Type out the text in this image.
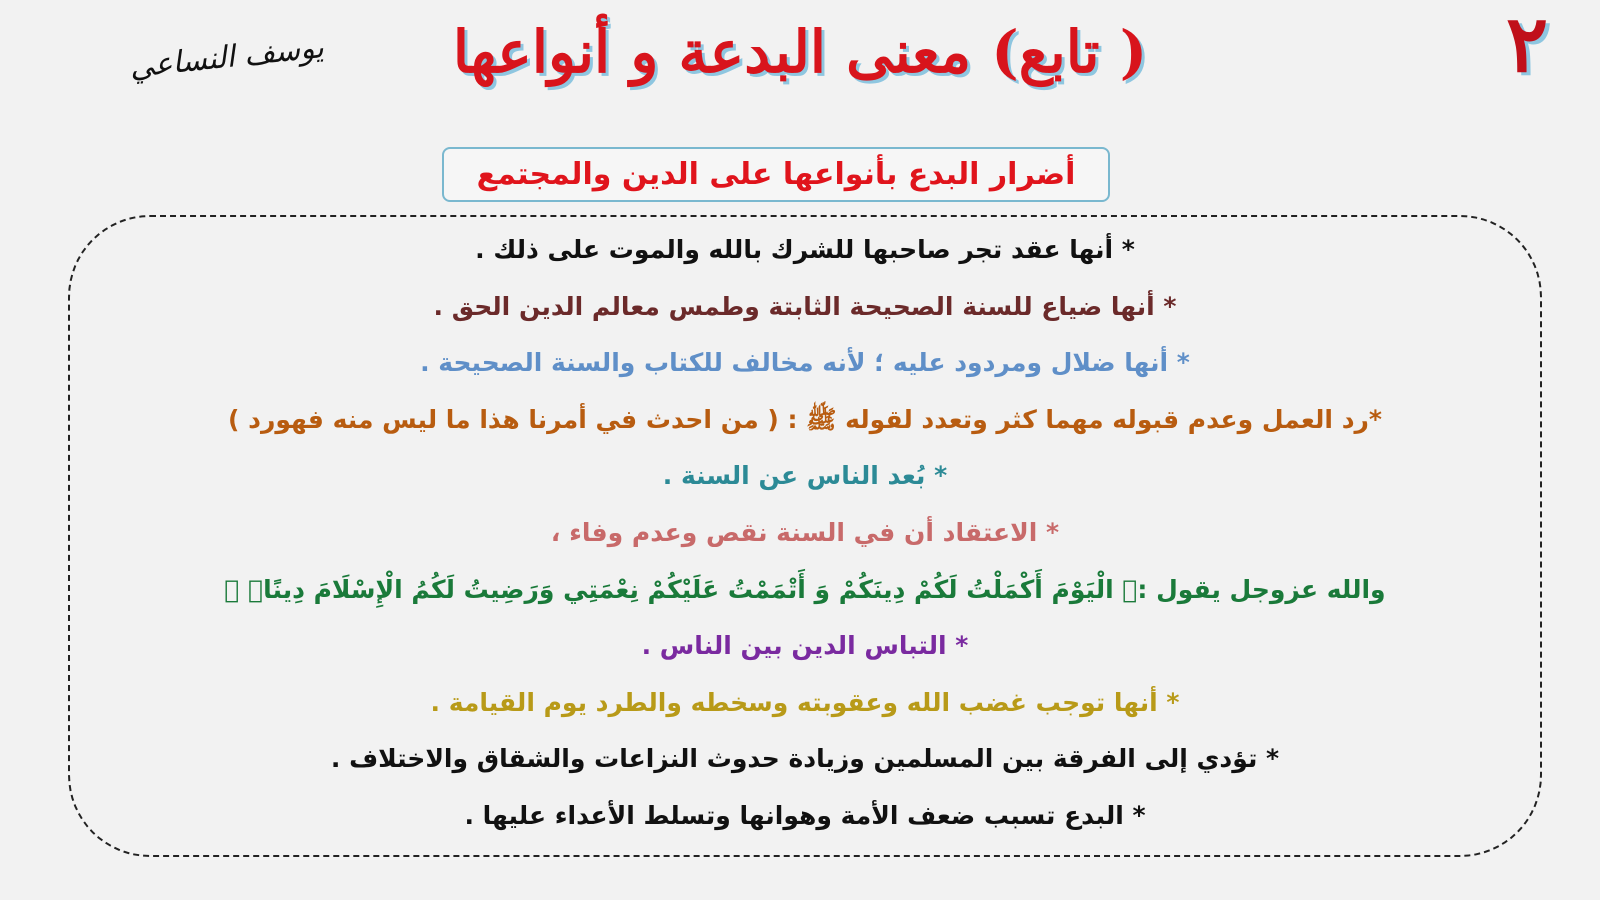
٢
( تابع) معنى البدعة و أنواعها
يوسف النساعي
أضرار البدع بأنواعها على الدين والمجتمع
* أنها عقد تجر صاحبها للشرك بالله والموت على ذلك .
* أنها ضياع للسنة الصحيحة الثابتة وطمس معالم الدين الحق .
* أنها ضلال ومردود عليه ؛ لأنه مخالف للكتاب والسنة الصحيحة .
*رد العمل وعدم قبوله مهما كثر وتعدد لقوله ﷺ : ( من احدث في أمرنا هذا ما ليس منه فهورد )
* بُعد الناس عن السنة .
* الاعتقاد أن في السنة نقص وعدم وفاء ،
والله عزوجل يقول :﴿ الْيَوْمَ أَكْمَلْتُ لَكُمْ دِينَكُمْ وَ أَتْمَمْتُ عَلَيْكُمْ نِعْمَتِي وَرَضِيتُ لَكُمُ الْإِسْلَامَ دِينًاۚ ﴾
* التباس الدين بين الناس .
* أنها توجب غضب الله وعقوبته وسخطه والطرد يوم القيامة .
* تؤدي إلى الفرقة بين المسلمين وزيادة حدوث النزاعات والشقاق والاختلاف .
* البدع تسبب ضعف الأمة وهوانها وتسلط الأعداء عليها .
